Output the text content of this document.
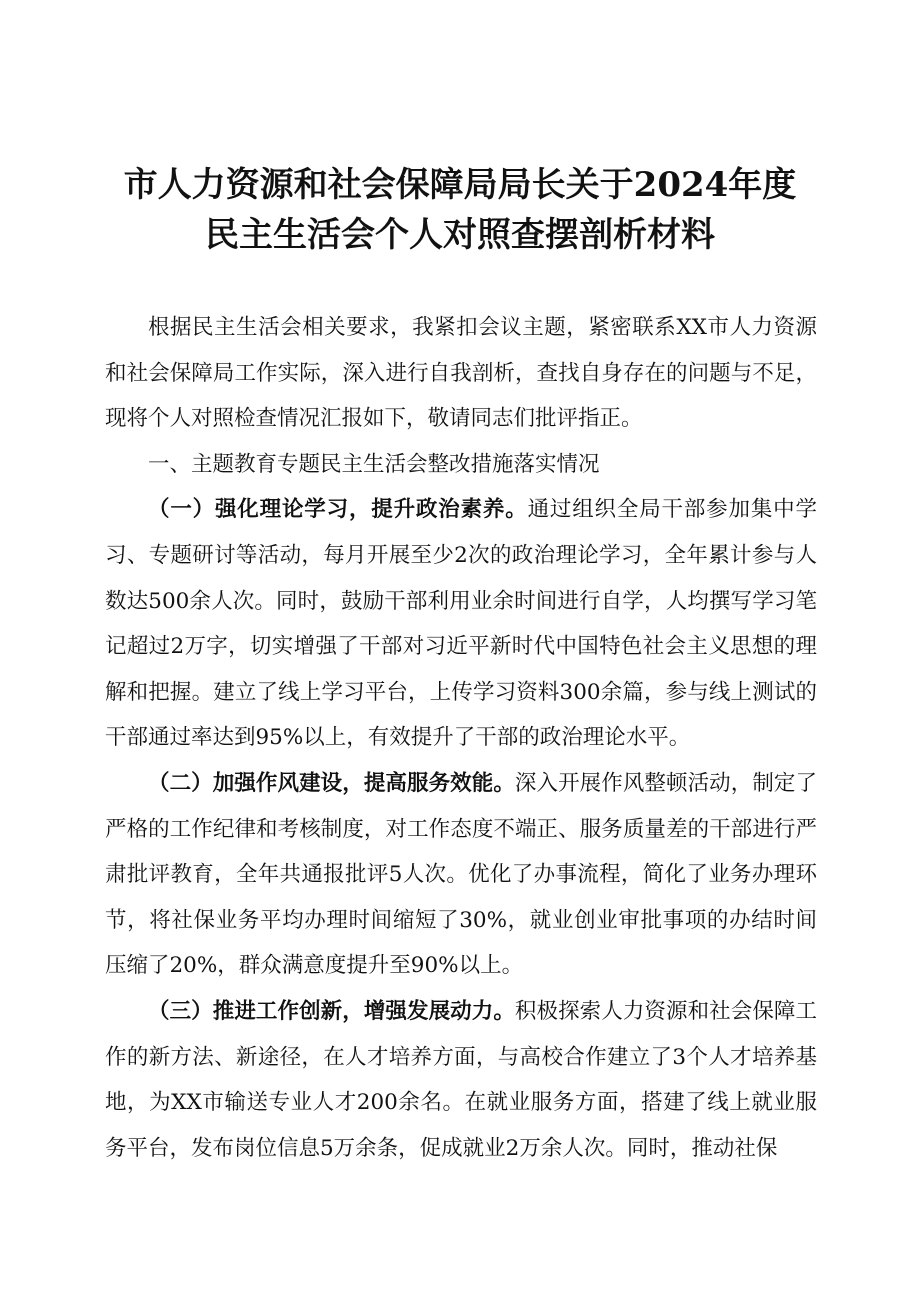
市人力资源和社会保障局局长关于2024年度
民主生活会个人对照查摆剖析材料

根据民主生活会相关要求，我紧扣会议主题，紧密联系XX市人力资源和社会保障局工作实际，深入进行自我剖析，查找自身存在的问题与不足，现将个人对照检查情况汇报如下，敬请同志们批评指正。

一、主题教育专题民主生活会整改措施落实情况

（一）强化理论学习，提升政治素养。通过组织全局干部参加集中学习、专题研讨等活动，每月开展至少2次的政治理论学习，全年累计参与人数达500余人次。同时，鼓励干部利用业余时间进行自学，人均撰写学习笔记超过2万字，切实增强了干部对习近平新时代中国特色社会主义思想的理解和把握。建立了线上学习平台，上传学习资料300余篇，参与线上测试的干部通过率达到95%以上，有效提升了干部的政治理论水平。

（二）加强作风建设，提高服务效能。深入开展作风整顿活动，制定了严格的工作纪律和考核制度，对工作态度不端正、服务质量差的干部进行严肃批评教育，全年共通报批评5人次。优化了办事流程，简化了业务办理环节，将社保业务平均办理时间缩短了30%，就业创业审批事项的办结时间压缩了20%，群众满意度提升至90%以上。

（三）推进工作创新，增强发展动力。积极探索人力资源和社会保障工作的新方法、新途径，在人才培养方面，与高校合作建立了3个人才培养基地，为XX市输送专业人才200余名。在就业服务方面，搭建了线上就业服务平台，发布岗位信息5万余条，促成就业2万余人次。同时，推动社保
